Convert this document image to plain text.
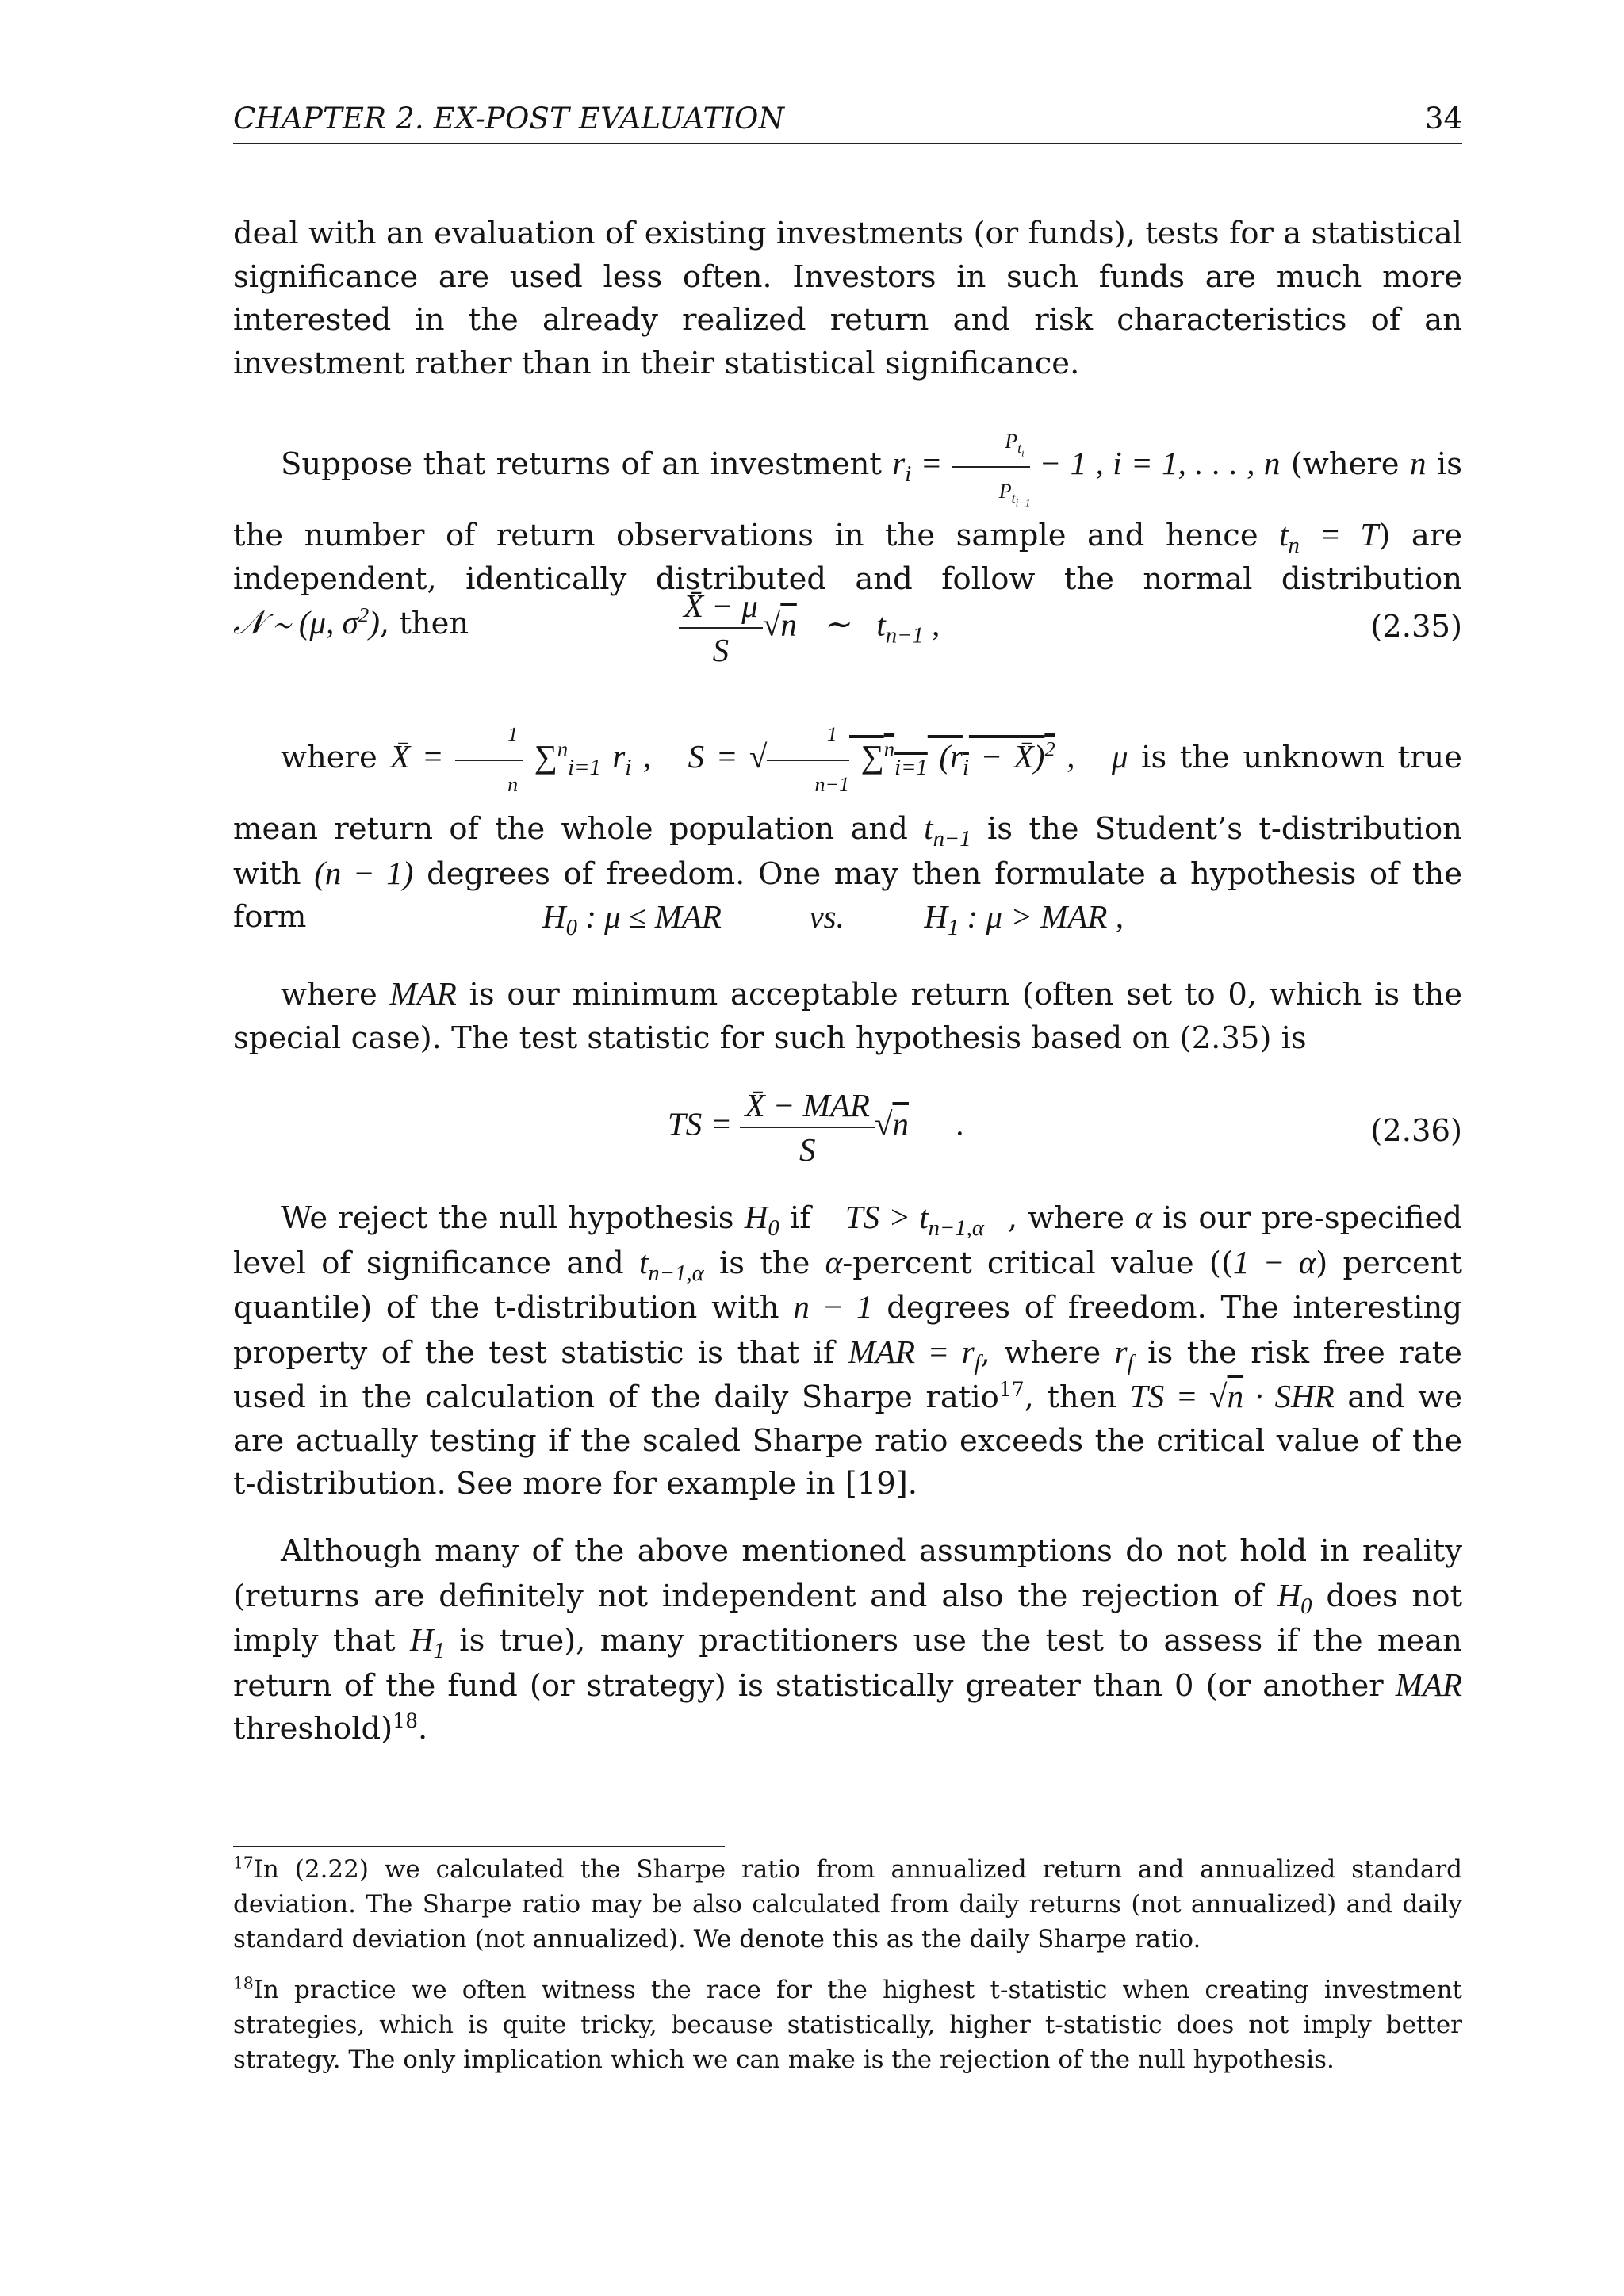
CHAPTER 2. EX-POST EVALUATION	34
deal with an evaluation of existing investments (or funds), tests for a statistical significance are used less often. Investors in such funds are much more interested in the already realized return and risk characteristics of an investment rather than in their statistical significance.
Suppose that returns of an investment $r_i = \frac{P_{t_i}}{P_{t_{i-1}}} - 1$ , i = 1, . . . , n (where n is the number of return observations in the sample and hence $t_n = T$) are independent, identically distributed and follow the normal distribution 𝒩 ∼ (μ, $\sigma^2$), then	$\frac{X̄ - \mu}{S} √n$ ∼ $t_{n-1}$ ,	(2.35)
where X̄ = $\frac{1}{n} \sum^n_{i=1}$ $r_i$ , S = √ $\frac{1}{n-1} \sum^n_{i=1}$ ($r_i$ − X̄)$^2$ , μ is the unknown true mean return of the whole population and $t_{n-1}$ is the Student’s t-distribution with (n − 1) degrees of freedom. One may then formulate a hypothesis of the form	$H_0$ : μ ≤ MAR  vs.  $H_1$ : μ > MAR ,
where MAR is our minimum acceptable return (often set to 0, which is the special case). The test statistic for such hypothesis based on (2.35) is
TS = $\frac{\text{X̄ − MAR}}{S} √n$ .	(2.36)
We reject the null hypothesis $H_0$ if TS > $t_{n-1,\alpha}$ , where α is our pre-specified level of significance and $t_{n-1,\alpha}$ is the α-percent critical value ((1 − α) percent quantile) of the t-distribution with n − 1 degrees of freedom. The interesting property of the test statistic is that if MAR = $r_f$, where $r_f$ is the risk free rate used in the calculation of the daily Sharpe ratio$^{17}$, then TS = √n · SHR and we are actually testing if the scaled Sharpe ratio exceeds the critical value of the t-distribution. See more for example in [19].
Although many of the above mentioned assumptions do not hold in reality (returns are definitely not independent and also the rejection of $H_0$ does not imply that $H_1$ is true), many practitioners use the test to assess if the mean return of the fund (or strategy) is statistically greater than 0 (or another MAR threshold)$^{18}$.
$^{17}$In (2.22) we calculated the Sharpe ratio from annualized return and annualized standard deviation. The Sharpe ratio may be also calculated from daily returns (not annualized) and daily standard deviation (not annualized). We denote this as the daily Sharpe ratio.
$^{18}$In practice we often witness the race for the highest t-statistic when creating investment strategies, which is quite tricky, because statistically, higher t-statistic does not imply better strategy. The only implication which we can make is the rejection of the null hypothesis.
